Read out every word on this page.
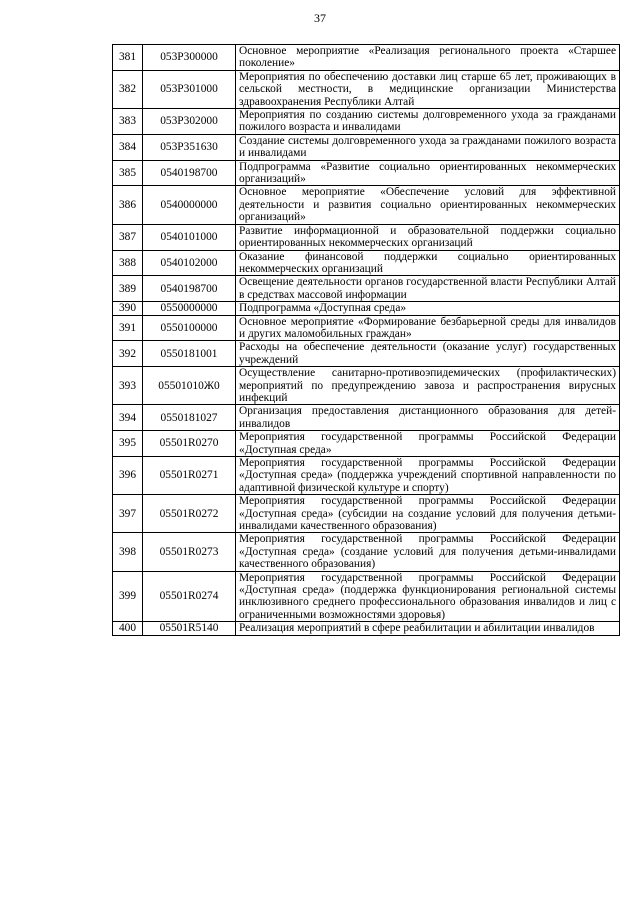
37
381	053P300000	Основное мероприятие «Реализация регионального проекта «Старшее поколение»
382	053P301000	Мероприятия по обеспечению доставки лиц старше 65 лет, проживающих в сельской местности, в медицинские организации Министерства здравоохранения Республики Алтай
383	053P302000	Мероприятия по созданию системы долговременного ухода за гражданами пожилого возраста и инвалидами
384	053P351630	Создание системы долговременного ухода за гражданами пожилого возраста и инвалидами
385	0540198700	Подпрограмма «Развитие социально ориентированных некоммерческих организаций»
386	0540000000	Основное мероприятие «Обеспечение условий для эффективной деятельности и развития социально ориентированных некоммерческих организаций»
387	0540101000	Развитие информационной и образовательной поддержки социально ориентированных некоммерческих организаций
388	0540102000	Оказание финансовой поддержки социально ориентированных некоммерческих организаций
389	0540198700	Освещение деятельности органов государственной власти Республики Алтай в средствах массовой информации
390	0550000000	Подпрограмма «Доступная среда»
391	0550100000	Основное мероприятие «Формирование безбарьерной среды для инвалидов и других маломобильных граждан»
392	0550181001	Расходы на обеспечение деятельности (оказание услуг) государственных учреждений
393	05501010Ж0	Осуществление санитарно-противоэпидемических (профилактических) мероприятий по предупреждению завоза и распространения вирусных инфекций
394	0550181027	Организация предоставления дистанционного образования для детей-инвалидов
395	05501R0270	Мероприятия государственной программы Российской Федерации «Доступная среда»
396	05501R0271	Мероприятия государственной программы Российской Федерации «Доступная среда» (поддержка учреждений спортивной направленности по адаптивной физической культуре и спорту)
397	05501R0272	Мероприятия государственной программы Российской Федерации «Доступная среда» (субсидии на создание условий для получения детьми-инвалидами качественного образования)
398	05501R0273	Мероприятия государственной программы Российской Федерации «Доступная среда» (создание условий для получения детьми-инвалидами качественного образования)
399	05501R0274	Мероприятия государственной программы Российской Федерации «Доступная среда» (поддержка функционирования региональной системы инклюзивного среднего профессионального образования инвалидов и лиц с ограниченными возможностями здоровья)
400	05501R5140	Реализация мероприятий в сфере реабилитации и абилитации инвалидов
